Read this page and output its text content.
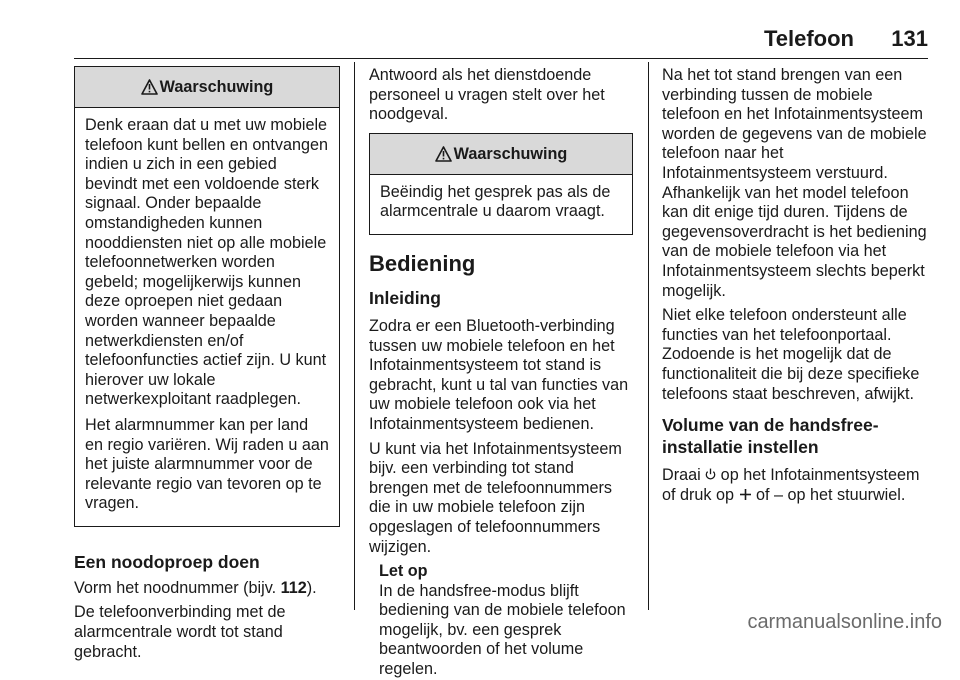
Telefoon 131
Waarschuwing

Denk eraan dat u met uw mobiele telefoon kunt bellen en ontvangen indien u zich in een gebied bevindt met een voldoende sterk signaal. Onder bepaalde omstandigheden kunnen nooddiensten niet op alle mobiele telefoonnetwerken worden gebeld; mogelijkerwijs kunnen deze oproepen niet gedaan worden wanneer bepaalde netwerkdiensten en/of telefoonfuncties actief zijn. U kunt hierover uw lokale netwerkexploitant raadplegen.

Het alarmnummer kan per land en regio variëren. Wij raden u aan het juiste alarmnummer voor de relevante regio van tevoren op te vragen.

Een noodoproep doen

Vorm het noodnummer (bijv. 112).

De telefoonverbinding met de alarmcentrale wordt tot stand gebracht.

Antwoord als het dienstdoende personeel u vragen stelt over het noodgeval.

Waarschuwing

Beëindig het gesprek pas als de alarmcentrale u daarom vraagt.

Bediening
Inleiding

Zodra er een Bluetooth-verbinding tussen uw mobiele telefoon en het Infotainmentsysteem tot stand is gebracht, kunt u tal van functies van uw mobiele telefoon ook via het Infotainmentsysteem bedienen.

U kunt via het Infotainmentsysteem bijv. een verbinding tot stand brengen met de telefoonnummers die in uw mobiele telefoon zijn opgeslagen of telefoonnummers wijzigen.

Let op
In de handsfree-modus blijft bediening van de mobiele telefoon mogelijk, bv. een gesprek beantwoorden of het volume regelen.

Na het tot stand brengen van een verbinding tussen de mobiele telefoon en het Infotainmentsysteem worden de gegevens van de mobiele telefoon naar het Infotainmentsysteem verstuurd. Afhankelijk van het model telefoon kan dit enige tijd duren. Tijdens de gegevensoverdracht is het bediening van de mobiele telefoon via het Infotainmentsysteem slechts beperkt mogelijk.

Niet elke telefoon ondersteunt alle functies van het telefoonportaal. Zodoende is het mogelijk dat de functionaliteit die bij deze specifieke telefoons staat beschreven, afwijkt.

Volume van de handsfree-installatie instellen

Draai  op het Infotainmentsysteem of druk op  of – op het stuurwiel.

carmanualsonline.info
